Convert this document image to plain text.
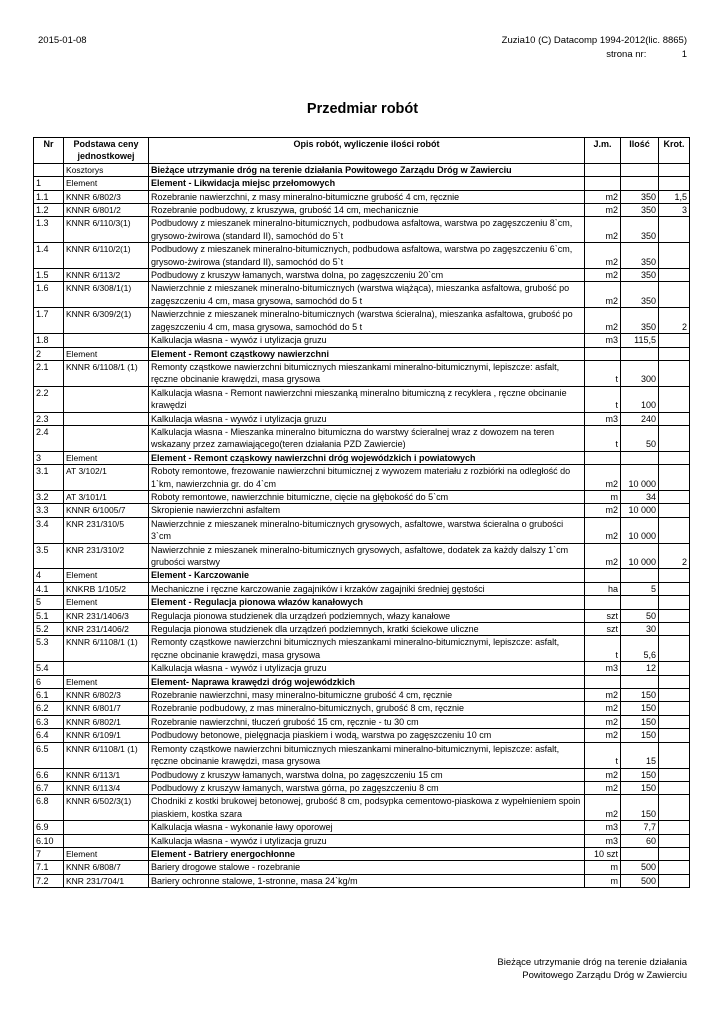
2015-01-08	Zuzia10 (C) Datacomp 1994-2012(lic. 8865)
strona nr:	1
Przedmiar robót
Nr	Podstawa ceny jednostkowej	Opis robót, wyliczenie ilości robót	J.m.	Ilość	Krot.
	Kosztorys	Bieżące utrzymanie dróg na terenie działania Powitowego Zarządu Dróg w Zawierciu			
1	Element	Element - Likwidacja miejsc przełomowych			
1.1	KNNR 6/802/3	Rozebranie nawierzchni, z masy mineralno-bitumiczne grubość 4 cm, ręcznie	m2	350	1,5
1.2	KNNR 6/801/2	Rozebranie podbudowy, z kruszywa, grubość 14 cm, mechanicznie	m2	350	3
1.3	KNNR 6/110/3(1)	Podbudowy z mieszanek mineralno-bitumicznych, podbudowa asfaltowa, warstwa po zagęszczeniu 8`cm, grysowo-żwirowa (standard II), samochód do 5`t	m2	350	
1.4	KNNR 6/110/2(1)	Podbudowy z mieszanek mineralno-bitumicznych, podbudowa asfaltowa, warstwa po zagęszczeniu 6`cm, grysowo-żwirowa (standard II), samochód do 5`t	m2	350	
1.5	KNNR 6/113/2	Podbudowy z kruszyw łamanych, warstwa dolna, po zagęszczeniu 20`cm	m2	350	
1.6	KNNR 6/308/1(1)	Nawierzchnie z mieszanek mineralno-bitumicznych (warstwa wiążąca), mieszanka asfaltowa, grubość po zagęszczeniu 4 cm, masa grysowa, samochód do 5 t	m2	350	
1.7	KNNR 6/309/2(1)	Nawierzchnie z mieszanek mineralno-bitumicznych (warstwa ścieralna), mieszanka asfaltowa, grubość po zagęszczeniu 4 cm, masa grysowa, samochód do 5 t	m2	350	2
1.8		Kalkulacja własna - wywóz i utylizacja gruzu	m3	115,5	
2	Element	Element - Remont cząstkowy nawierzchni			
2.1	KNNR 6/1108/1 (1)	Remonty cząstkowe nawierzchni bitumicznych mieszankami mineralno-bitumicznymi, lepiszcze: asfalt, ręczne obcinanie krawędzi, masa grysowa	t	300	
2.2		Kalkulacja własna - Remont nawierzchni mieszanką mineralno bitumiczną z recyklera , ręczne obcinanie krawędzi	t	100	
2.3		Kalkulacja własna - wywóz i utylizacja gruzu	m3	240	
2.4		Kalkulacja własna - Mieszanka mineralno bitumiczna do warstwy ścieralnej wraz z dowozem na teren wskazany przez zamawiającego(teren działania PZD Zawiercie)	t	50	
3	Element	Element - Remont cząskowy nawierzchni dróg wojewódzkich i powiatowych			
3.1	AT 3/102/1	Roboty remontowe, frezowanie nawierzchni bitumicznej z wywozem materiału z rozbiórki na odległość do 1`km, nawierzchnia gr. do 4`cm	m2	10 000	
3.2	AT 3/101/1	Roboty remontowe, nawierzchnie bitumiczne, cięcie na głębokość do 5`cm	m	34	
3.3	KNNR 6/1005/7	Skropienie nawierzchni asfaltem	m2	10 000	
3.4	KNR 231/310/5	Nawierzchnie z mieszanek mineralno-bitumicznych grysowych, asfaltowe, warstwa ścieralna o grubości 3`cm	m2	10 000	
3.5	KNR 231/310/2	Nawierzchnie z mieszanek mineralno-bitumicznych grysowych, asfaltowe, dodatek za każdy dalszy 1`cm grubości warstwy	m2	10 000	2
4	Element	Element - Karczowanie			
4.1	KNKRB 1/105/2	Mechaniczne i ręczne karczowanie zagajników i krzaków zagajniki średniej gęstości	ha	5	
5	Element	Element - Regulacja pionowa włazów kanałowych			
5.1	KNR 231/1406/3	Regulacja pionowa studzienek dla urządzeń podziemnych, włazy kanałowe	szt	50	
5.2	KNR 231/1406/2	Regulacja pionowa studzienek dla urządzeń podziemnych, kratki ściekowe uliczne	szt	30	
5.3	KNNR 6/1108/1 (1)	Remonty cząstkowe nawierzchni bitumicznych mieszankami mineralno-bitumicznymi, lepiszcze: asfalt, ręczne obcinanie krawędzi, masa grysowa	t	5,6	
5.4		Kalkulacja własna - wywóz i utylizacja gruzu	m3	12	
6	Element	Element- Naprawa krawędzi dróg wojewódzkich			
6.1	KNNR 6/802/3	Rozebranie nawierzchni, masy mineralno-bitumiczne grubość 4 cm, ręcznie	m2	150	
6.2	KNNR 6/801/7	Rozebranie podbudowy, z mas mineralno-bitumicznych, grubość 8 cm, ręcznie	m2	150	
6.3	KNNR 6/802/1	Rozebranie nawierzchni, tłuczeń grubość 15 cm, ręcznie - tu 30 cm	m2	150	
6.4	KNNR 6/109/1	Podbudowy betonowe, pielęgnacja piaskiem i wodą, warstwa po zagęszczeniu 10 cm	m2	150	
6.5	KNNR 6/1108/1 (1)	Remonty cząstkowe nawierzchni bitumicznych mieszankami mineralno-bitumicznymi, lepiszcze: asfalt, ręczne obcinanie krawędzi, masa grysowa	t	15	
6.6	KNNR 6/113/1	Podbudowy z kruszyw łamanych, warstwa dolna, po zagęszczeniu 15 cm	m2	150	
6.7	KNNR 6/113/4	Podbudowy z kruszyw łamanych, warstwa górna, po zagęszczeniu 8 cm	m2	150	
6.8	KNNR 6/502/3(1)	Chodniki z kostki brukowej betonowej, grubość 8 cm, podsypka cementowo-piaskowa z wypełnieniem spoin piaskiem, kostka szara	m2	150	
6.9		Kalkulacja własna - wykonanie ławy oporowej	m3	7,7	
6.10		Kalkulacja własna - wywóz i utylizacja gruzu	m3	60	
7	Element	Element - Batriery energochłonne	10 szt		
7.1	KNNR 6/808/7	Bariery drogowe stalowe - rozebranie	m	500	
7.2	KNR 231/704/1	Bariery ochronne stalowe, 1-stronne, masa 24`kg/m	m	500	
Bieżące utrzymanie dróg na terenie działania
Powitowego Zarządu Dróg w Zawierciu
